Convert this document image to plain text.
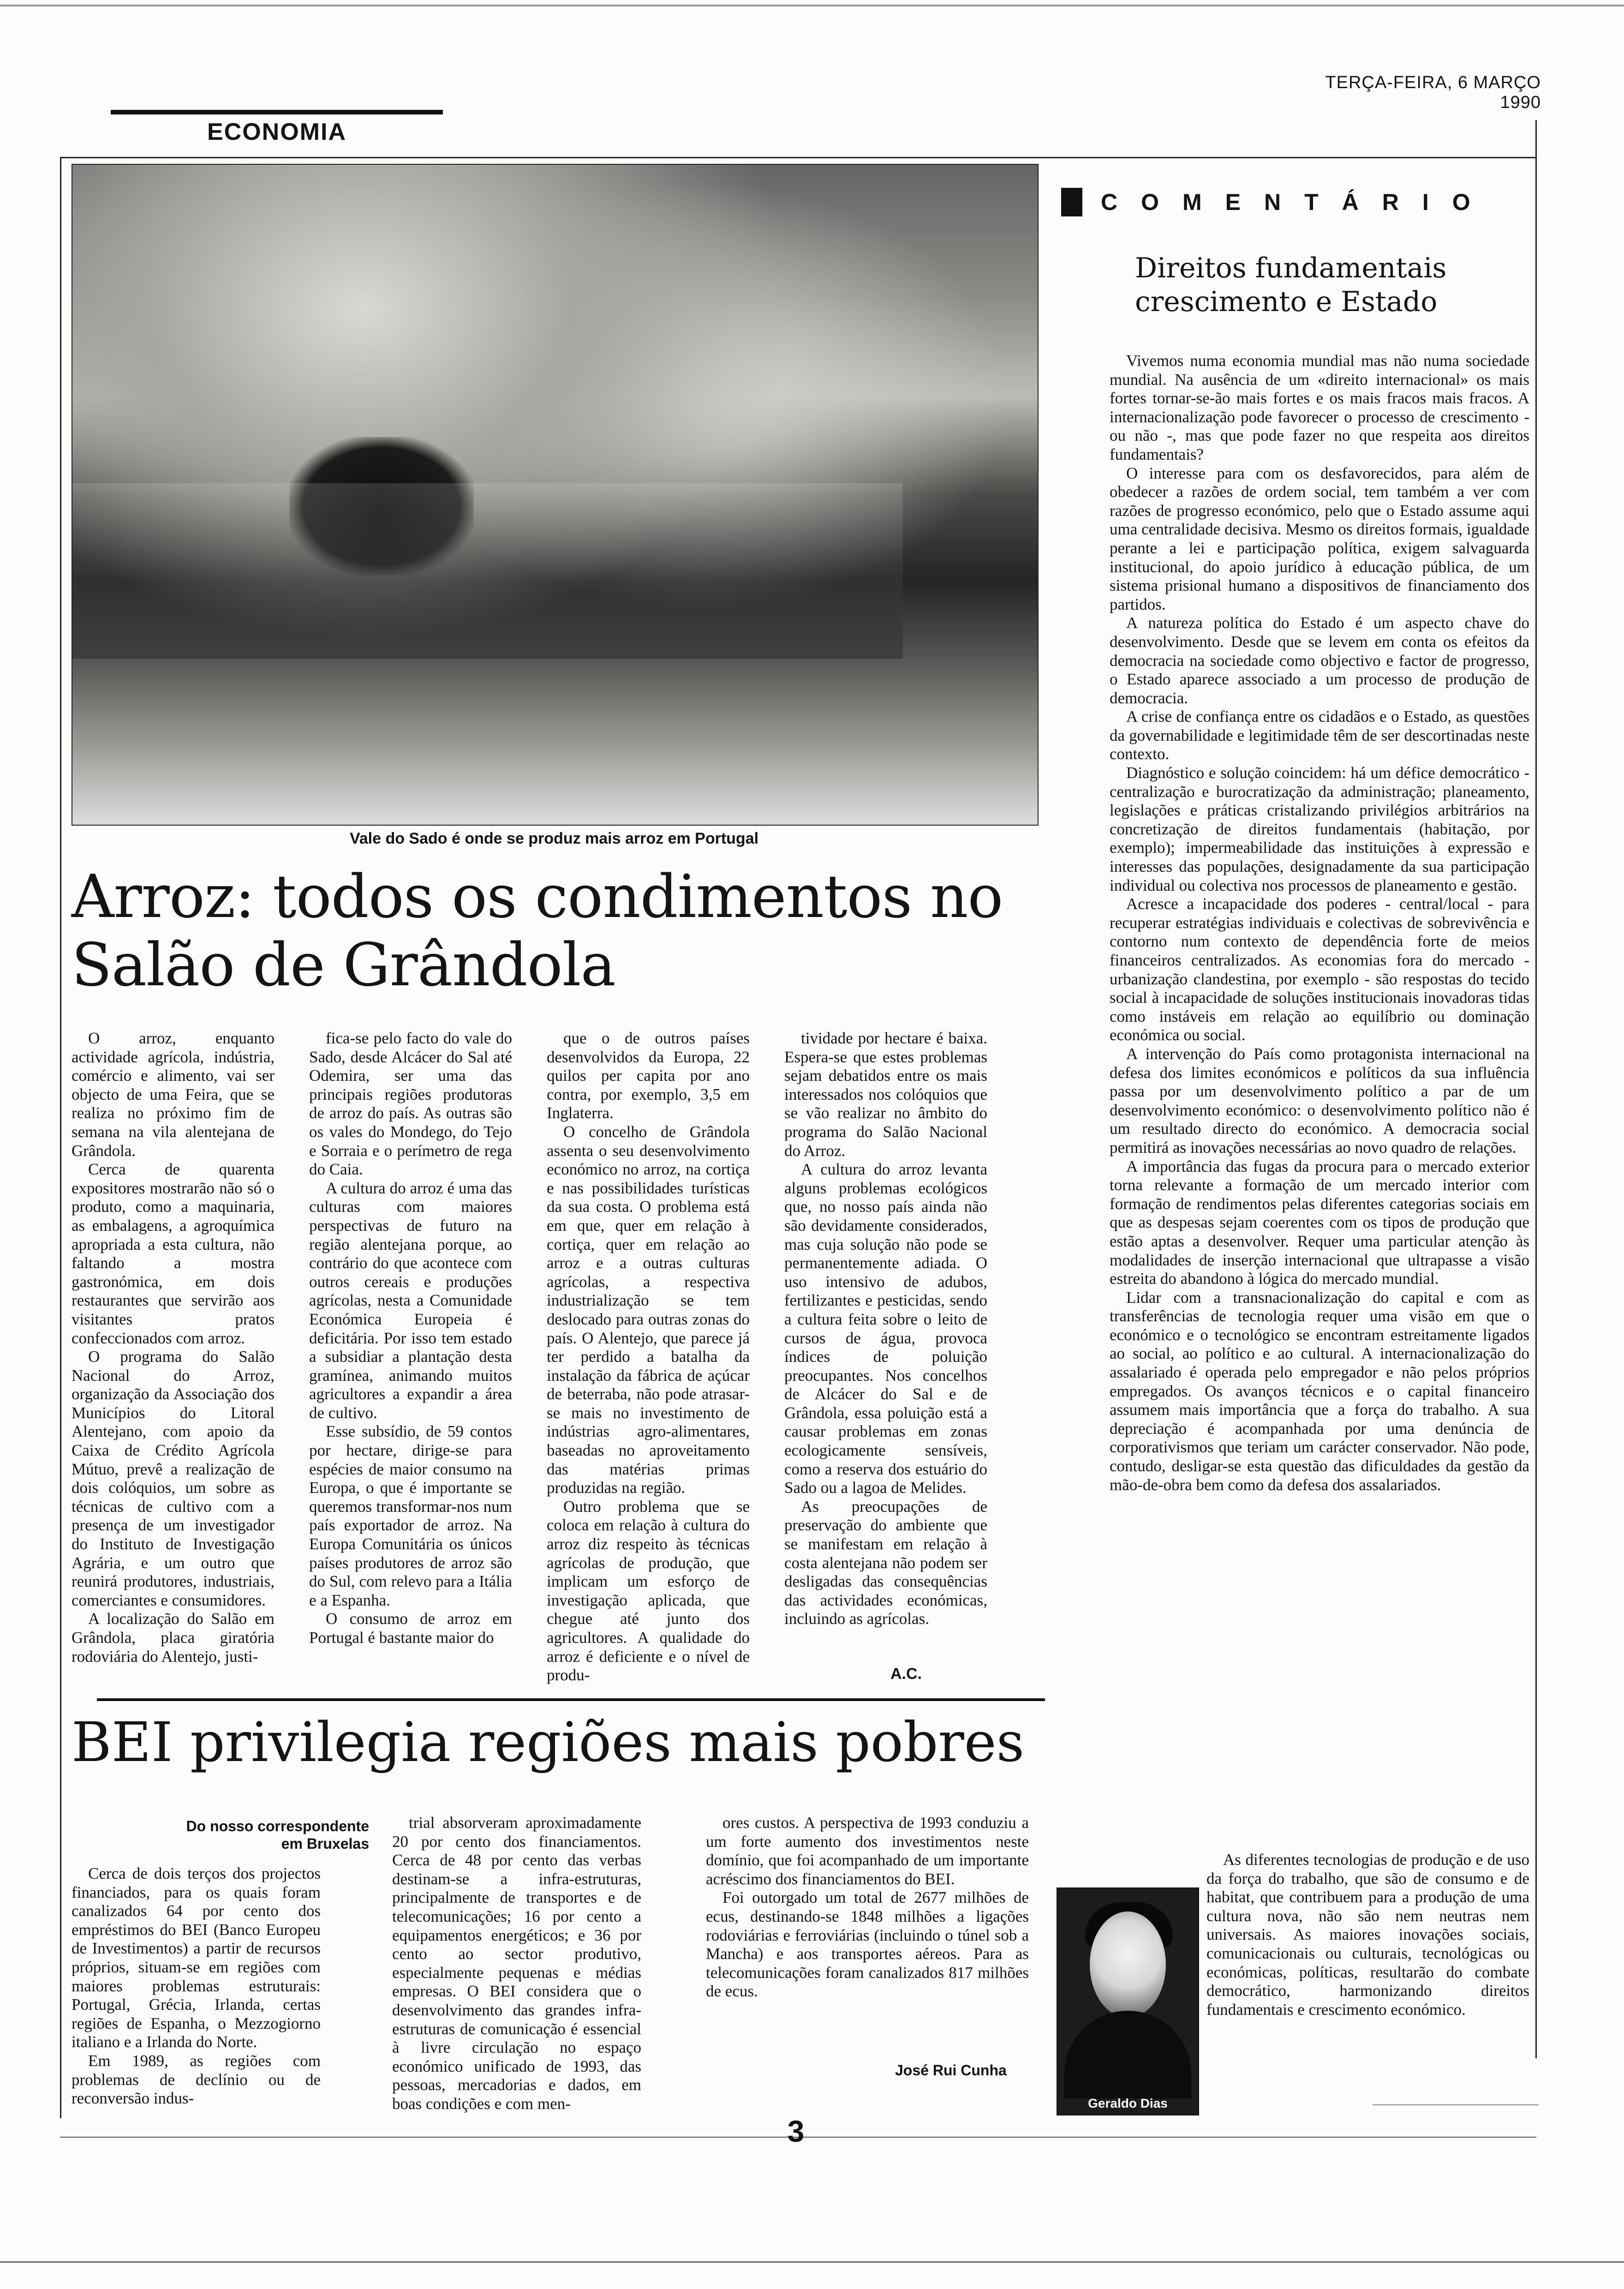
TERÇA-FEIRA, 6 MARÇO 1990
ECONOMIA
Vale do Sado é onde se produz mais arroz em Portugal
Arroz: todos os condimentos no Salão de Grândola

O arroz, enquanto actividade agrícola, indústria, comércio e alimento, vai ser objecto de uma Feira, que se realiza no próximo fim de semana na vila alentejana de Grândola.

Cerca de quarenta expositores mostrarão não só o produto, como a maquinaria, as embalagens, a agroquímica apropriada a esta cultura, não faltando a mostra gastronómica, em dois restaurantes que servirão aos visitantes pratos confeccionados com arroz.

O programa do Salão Nacional do Arroz, organização da Associação dos Municípios do Litoral Alentejano, com apoio da Caixa de Crédito Agrícola Mútuo, prevê a realização de dois colóquios, um sobre as técnicas de cultivo com a presença de um investigador do Instituto de Investigação Agrária, e um outro que reunirá produtores, industriais, comerciantes e consumidores.

A localização do Salão em Grândola, placa giratória rodoviária do Alentejo, justi-

fica-se pelo facto do vale do Sado, desde Alcácer do Sal até Odemira, ser uma das principais regiões produtoras de arroz do país. As outras são os vales do Mondego, do Tejo e Sorraia e o perímetro de rega do Caia.

A cultura do arroz é uma das culturas com maiores perspectivas de futuro na região alentejana porque, ao contrário do que acontece com outros cereais e produções agrícolas, nesta a Comunidade Económica Europeia é deficitária. Por isso tem estado a subsidiar a plantação desta gramínea, animando muitos agricultores a expandir a área de cultivo.

Esse subsídio, de 59 contos por hectare, dirige-se para espécies de maior consumo na Europa, o que é importante se queremos transformar-nos num país exportador de arroz. Na Europa Comunitária os únicos países produtores de arroz são do Sul, com relevo para a Itália e a Espanha.

O consumo de arroz em Portugal é bastante maior do

que o de outros países desenvolvidos da Europa, 22 quilos per capita por ano contra, por exemplo, 3,5 em Inglaterra.

O concelho de Grândola assenta o seu desenvolvimento económico no arroz, na cortiça e nas possibilidades turísticas da sua costa. O problema está em que, quer em relação à cortiça, quer em relação ao arroz e a outras culturas agrícolas, a respectiva industrialização se tem deslocado para outras zonas do país. O Alentejo, que parece já ter perdido a batalha da instalação da fábrica de açúcar de beterraba, não pode atrasar-se mais no investimento de indústrias agro-alimentares, baseadas no aproveitamento das matérias primas produzidas na região.

Outro problema que se coloca em relação à cultura do arroz diz respeito às técnicas agrícolas de produção, que implicam um esforço de investigação aplicada, que chegue até junto dos agricultores. A qualidade do arroz é deficiente e o nível de produ-

tividade por hectare é baixa. Espera-se que estes problemas sejam debatidos entre os mais interessados nos colóquios que se vão realizar no âmbito do programa do Salão Nacional do Arroz.

A cultura do arroz levanta alguns problemas ecológicos que, no nosso país ainda não são devidamente considerados, mas cuja solução não pode se permanentemente adiada. O uso intensivo de adubos, fertilizantes e pesticidas, sendo a cultura feita sobre o leito de cursos de água, provoca índices de poluição preocupantes. Nos concelhos de Alcácer do Sal e de Grândola, essa poluição está a causar problemas em zonas ecologicamente sensíveis, como a reserva dos estuário do Sado ou a lagoa de Melides.

As preocupações de preservação do ambiente que se manifestam em relação à costa alentejana não podem ser desligadas das consequências das actividades económicas, incluindo as agrícolas.

A.C.
BEI privilegia regiões mais pobres
Do nosso correspondente
em Bruxelas

Cerca de dois terços dos projectos financiados, para os quais foram canalizados 64 por cento dos empréstimos do BEI (Banco Europeu de Investimentos) a partir de recursos próprios, situam-se em regiões com maiores problemas estruturais: Portugal, Grécia, Irlanda, certas regiões de Espanha, o Mezzogiorno italiano e a Irlanda do Norte.

Em 1989, as regiões com problemas de declínio ou de reconversão indus-

trial absorveram aproximadamente 20 por cento dos financiamentos. Cerca de 48 por cento das verbas destinam-se a infra-estruturas, principalmente de transportes e de telecomunicações; 16 por cento a equipamentos energéticos; e 36 por cento ao sector produtivo, especialmente pequenas e médias empresas. O BEI considera que o desenvolvimento das grandes infra-estruturas de comunicação é essencial à livre circulação no espaço económico unificado de 1993, das pessoas, mercadorias e dados, em boas condições e com men-

ores custos. A perspectiva de 1993 conduziu a um forte aumento dos investimentos neste domínio, que foi acompanhado de um importante acréscimo dos financiamentos do BEI.

Foi outorgado um total de 2677 milhões de ecus, destinando-se 1848 milhões a ligações rodoviárias e ferroviárias (incluindo o túnel sob a Mancha) e aos transportes aéreos. Para as telecomunicações foram canalizados 817 milhões de ecus.

José Rui Cunha
COMENTÁRIO
Direitos fundamentais
crescimento e Estado

Vivemos numa economia mundial mas não numa sociedade mundial. Na ausência de um «direito internacional» os mais fortes tornar-se-ão mais fortes e os mais fracos mais fracos. A internacionalização pode favorecer o processo de crescimento - ou não -, mas que pode fazer no que respeita aos direitos fundamentais?

O interesse para com os desfavorecidos, para além de obedecer a razões de ordem social, tem também a ver com razões de progresso económico, pelo que o Estado assume aqui uma centralidade decisiva. Mesmo os direitos formais, igualdade perante a lei e participação política, exigem salvaguarda institucional, do apoio jurídico à educação pública, de um sistema prisional humano a dispositivos de financiamento dos partidos.

A natureza política do Estado é um aspecto chave do desenvolvimento. Desde que se levem em conta os efeitos da democracia na sociedade como objectivo e factor de progresso, o Estado aparece associado a um processo de produção de democracia.

A crise de confiança entre os cidadãos e o Estado, as questões da governabilidade e legitimidade têm de ser descortinadas neste contexto.

Diagnóstico e solução coincidem: há um défice democrático - centralização e burocratização da administração; planeamento, legislações e práticas cristalizando privilégios arbitrários na concretização de direitos fundamentais (habitação, por exemplo); impermeabilidade das instituições à expressão e interesses das populações, designadamente da sua participação individual ou colectiva nos processos de planeamento e gestão.

Acresce a incapacidade dos poderes - central/local - para recuperar estratégias individuais e colectivas de sobrevivência e contorno num contexto de dependência forte de meios financeiros centralizados. As economias fora do mercado - urbanização clandestina, por exemplo - são respostas do tecido social à incapacidade de soluções institucionais inovadoras tidas como instáveis em relação ao equilíbrio ou dominação económica ou social.

A intervenção do País como protagonista internacional na defesa dos limites económicos e políticos da sua influência passa por um desenvolvimento político a par de um desenvolvimento económico: o desenvolvimento político não é um resultado directo do económico. A democracia social permitirá as inovações necessárias ao novo quadro de relações.

A importância das fugas da procura para o mercado exterior torna relevante a formação de um mercado interior com formação de rendimentos pelas diferentes categorias sociais em que as despesas sejam coerentes com os tipos de produção que estão aptas a desenvolver. Requer uma particular atenção às modalidades de inserção internacional que ultrapasse a visão estreita do abandono à lógica do mercado mundial.

Lidar com a transnacionalização do capital e com as transferências de tecnologia requer uma visão em que o económico e o tecnológico se encontram estreitamente ligados ao social, ao político e ao cultural. A internacionalização do assalariado é operada pelo empregador e não pelos próprios empregados. Os avanços técnicos e o capital financeiro assumem mais importância que a força do trabalho. A sua depreciação é acompanhada por uma denúncia de corporativismos que teriam um carácter conservador. Não pode, contudo, desligar-se esta questão das dificuldades da gestão da mão-de-obra bem como da defesa dos assalariados.

Geraldo Dias

As diferentes tecnologias de produção e de uso da força do trabalho, que são de consumo e de habitat, que contribuem para a produção de uma cultura nova, não são nem neutras nem universais. As maiores inovações sociais, comunicacionais ou culturais, tecnológicas ou económicas, políticas, resultarão do combate democrático, harmonizando direitos fundamentais e crescimento económico.

3
